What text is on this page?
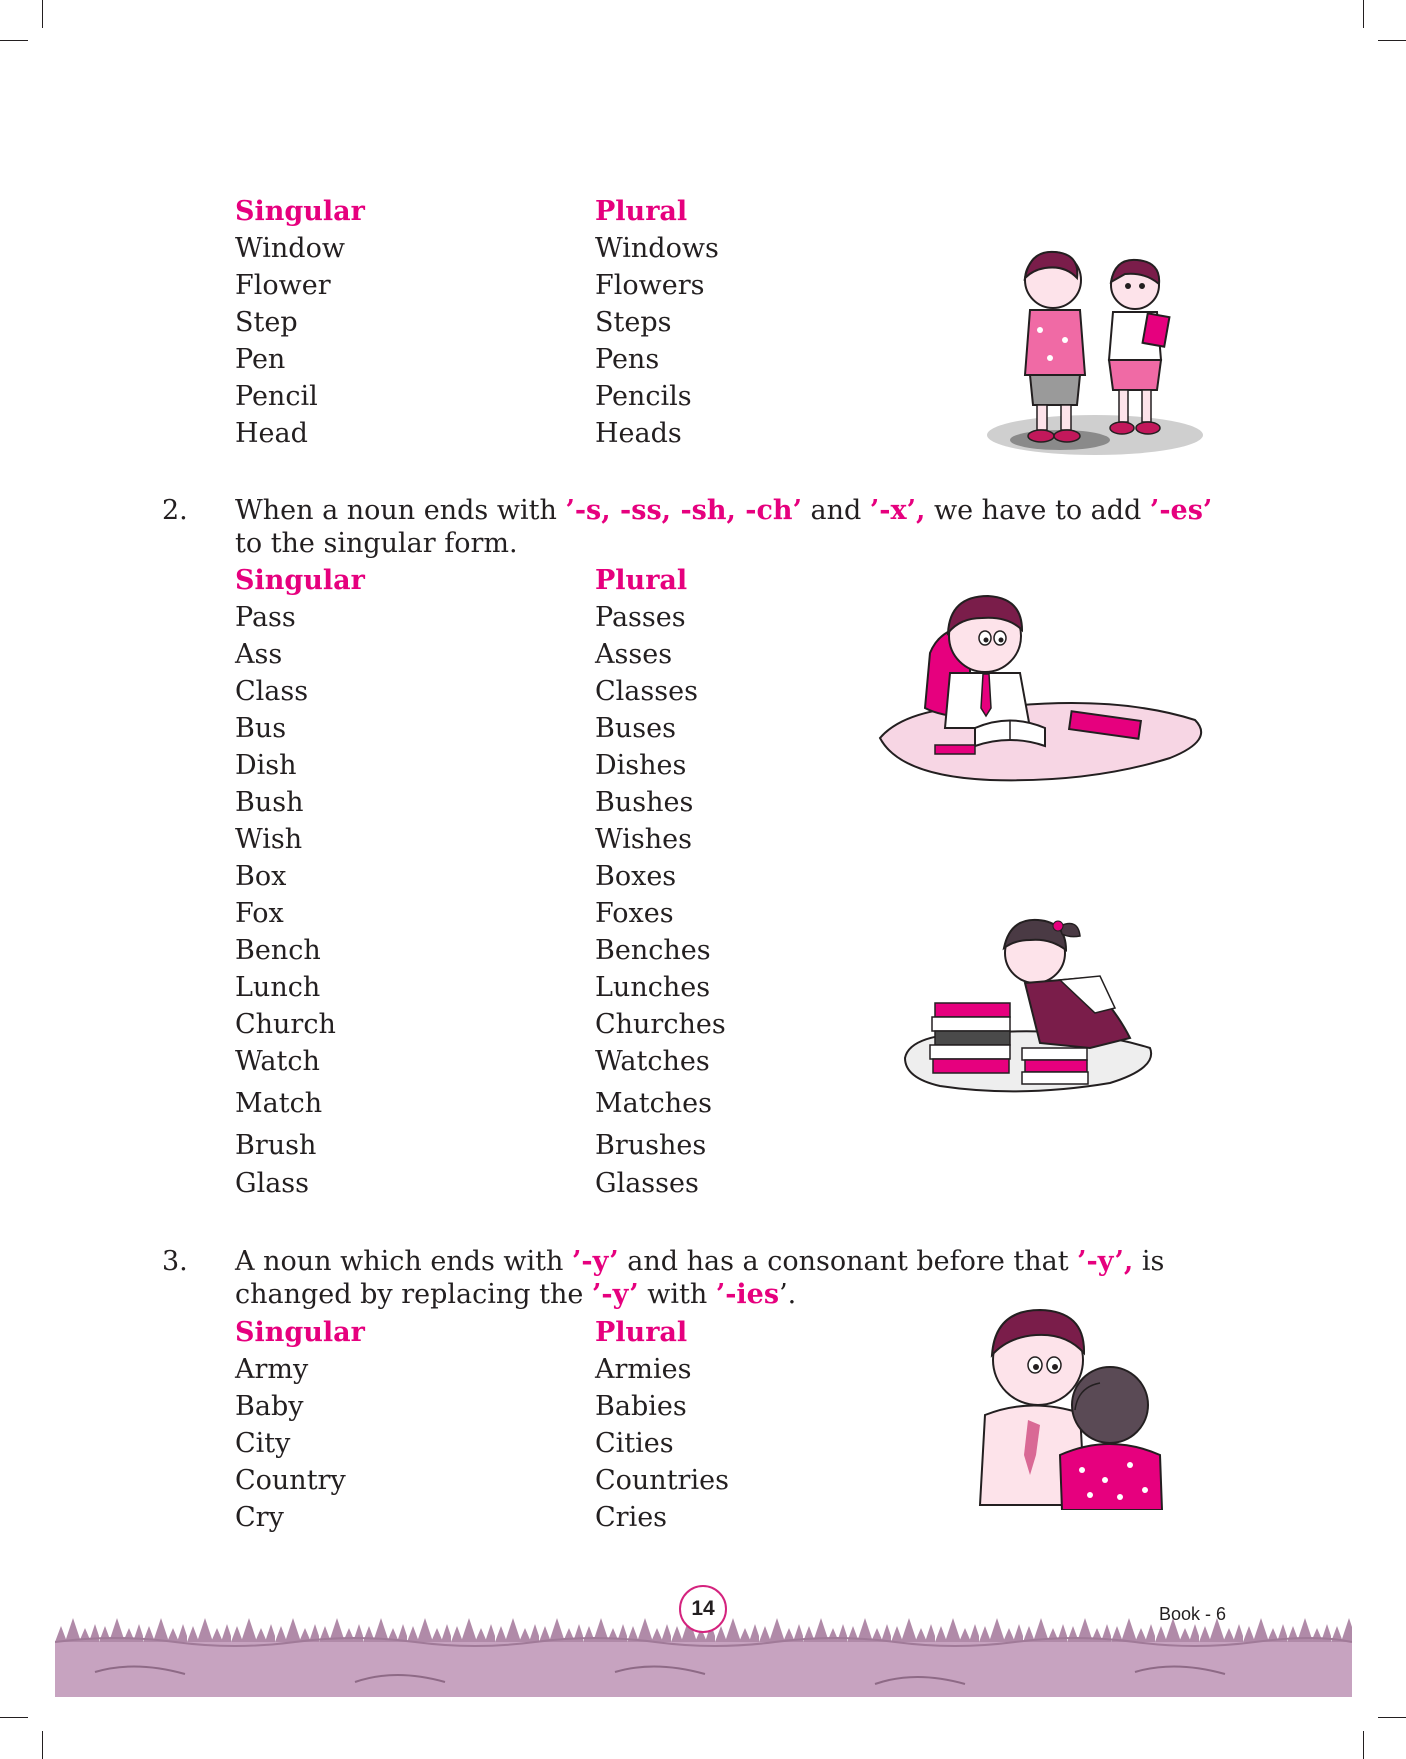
Singular
Window
Flower
Step
Pen
Pencil
Head
Plural
Windows
Flowers
Steps
Pens
Pencils
Heads
2. When a noun ends with ’-s, -ss, -sh, -ch’ and ’-x’, we have to add ’-es’ to the singular form.
Singular
Pass
Ass
Class
Bus
Dish
Bush
Wish
Box
Fox
Bench
Lunch
Church
Watch
Match
Brush
Glass
Plural
Passes
Asses
Classes
Buses
Dishes
Bushes
Wishes
Boxes
Foxes
Benches
Lunches
Churches
Watches
Matches
Brushes
Glasses
3. A noun which ends with ’-y’ and has a consonant before that ’-y’, is changed by replacing the ’-y’ with ’-ies’.
Singular
Army
Baby
City
Country
Cry
Plural
Armies
Babies
Cities
Countries
Cries
14	Book - 6
